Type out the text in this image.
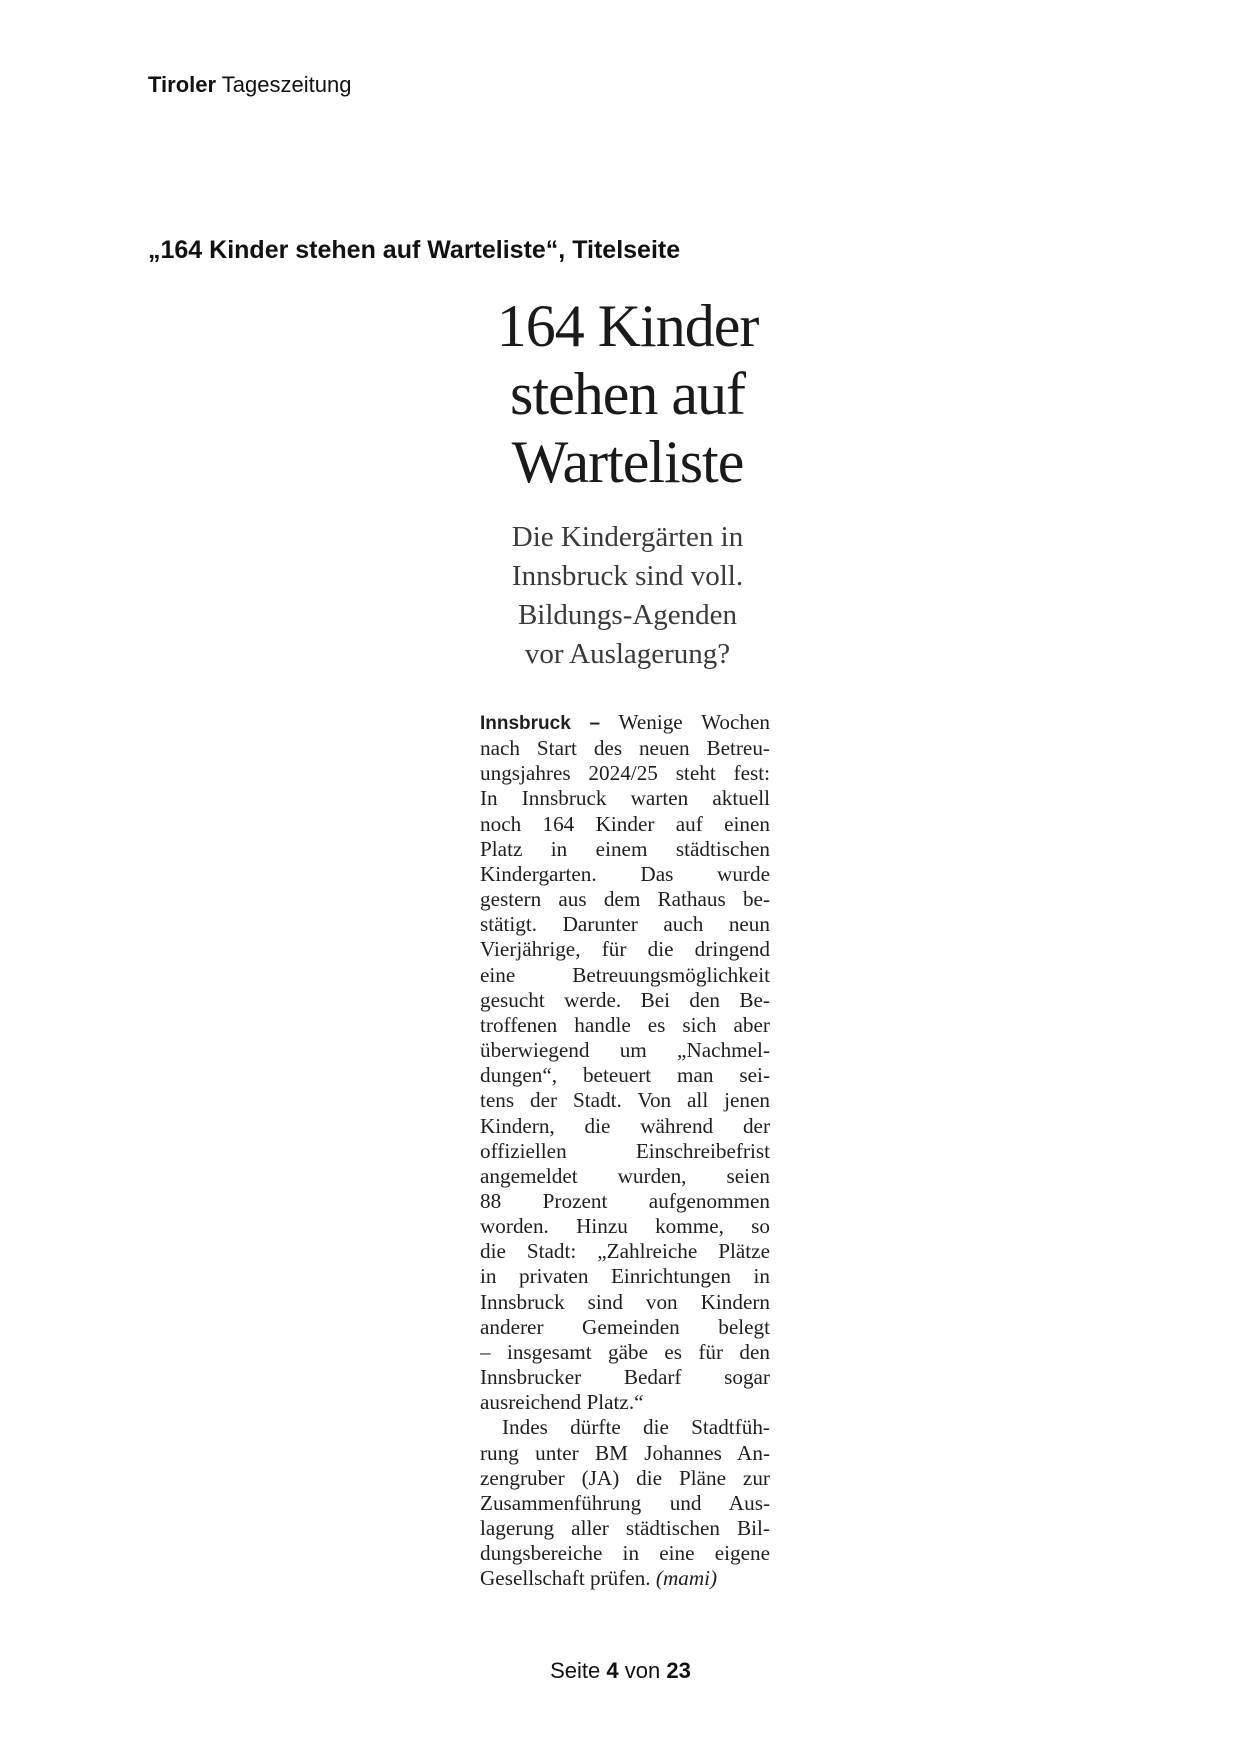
Tiroler Tageszeitung
„164 Kinder stehen auf Warteliste“, Titelseite
164 Kinder
stehen auf
Warteliste
Die Kindergärten in
Innsbruck sind voll.
Bildungs-Agenden
vor Auslagerung?
Innsbruck – Wenige Wochen
nach Start des neuen Betreu-
ungsjahres 2024/25 steht fest:
In Innsbruck warten aktuell
noch 164 Kinder auf einen
Platz in einem städtischen
Kindergarten. Das wurde
gestern aus dem Rathaus be-
stätigt. Darunter auch neun
Vierjährige, für die dringend
eine Betreuungsmöglichkeit
gesucht werde. Bei den Be-
troffenen handle es sich aber
überwiegend um „Nachmel-
dungen“, beteuert man sei-
tens der Stadt. Von all jenen
Kindern, die während der
offiziellen Einschreibefrist
angemeldet wurden, seien
88 Prozent aufgenommen
worden. Hinzu komme, so
die Stadt: „Zahlreiche Plätze
in privaten Einrichtungen in
Innsbruck sind von Kindern
anderer Gemeinden belegt
– insgesamt gäbe es für den
Innsbrucker Bedarf sogar
ausreichend Platz.“
Indes dürfte die Stadtfüh-
rung unter BM Johannes An-
zengruber (JA) die Pläne zur
Zusammenführung und Aus-
lagerung aller städtischen Bil-
dungsbereiche in eine eigene
Gesellschaft prüfen. (mami)
Seite 4 von 23
